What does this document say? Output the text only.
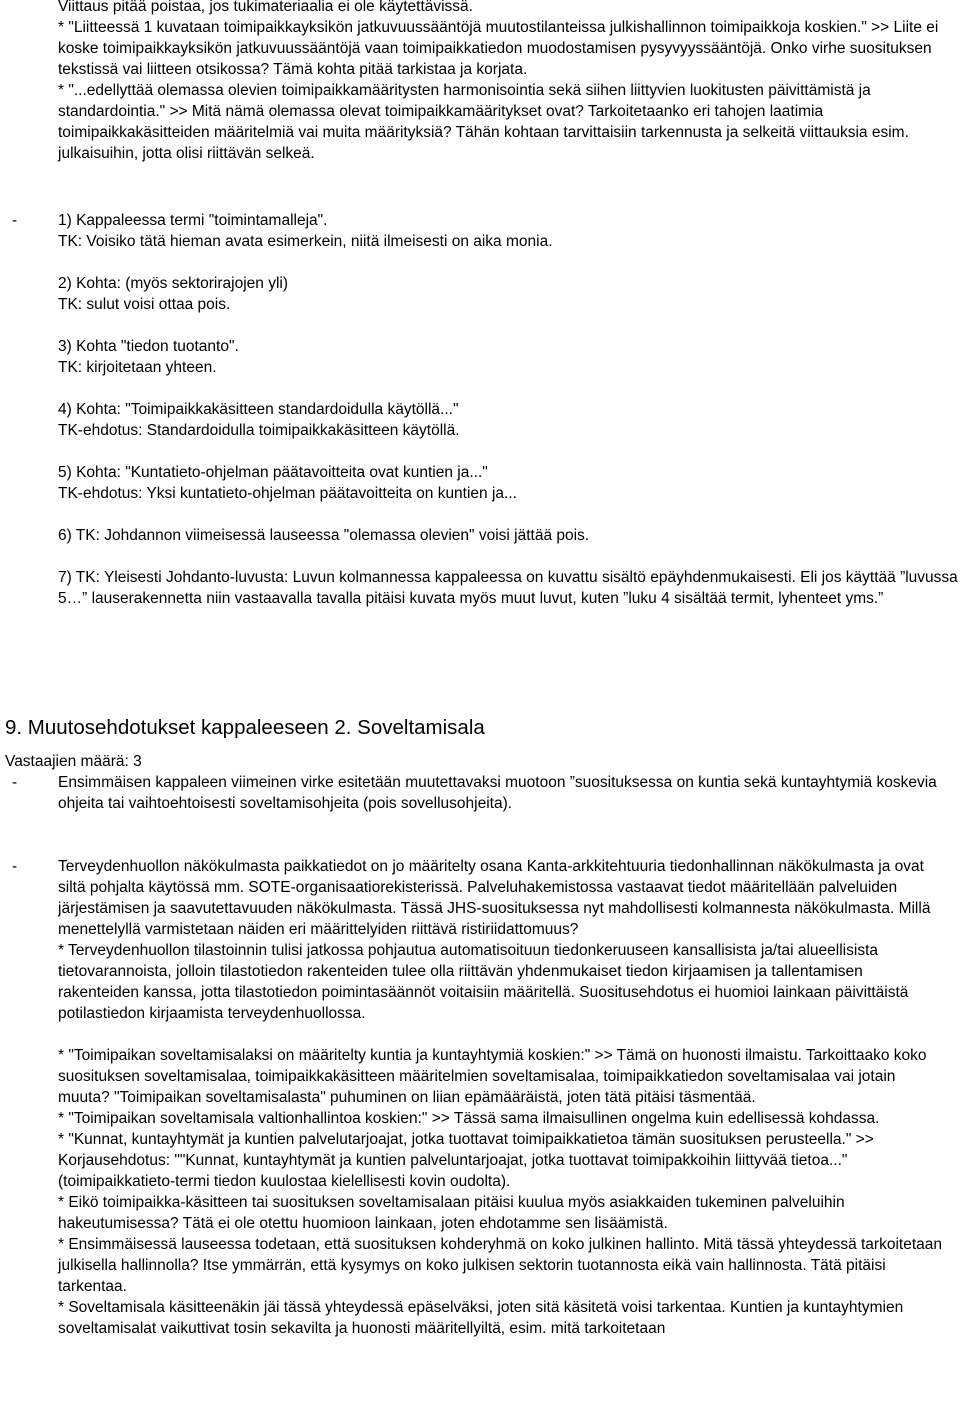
Viittaus pitää poistaa, jos tukimateriaalia ei ole käytettävissä.

* "Liitteessä 1 kuvataan toimipaikkayksikön jatkuvuussääntöjä muutostilanteissa julkishallinnon toimipaikkoja koskien." >> Liite ei koske toimipaikkayksikön jatkuvuussääntöjä vaan toimipaikkatiedon muodostamisen pysyvyyssääntöjä. Onko virhe suosituksen tekstissä vai liitteen otsikossa? Tämä kohta pitää tarkistaa ja korjata.

* "...edellyttää olemassa olevien toimipaikkamääritysten harmonisointia sekä siihen liittyvien luokitusten päivittämistä ja standardointia." >> Mitä nämä olemassa olevat toimipaikkamääritykset ovat? Tarkoitetaanko eri tahojen laatimia toimipaikkakäsitteiden määritelmiä vai muita määrityksiä? Tähän kohtaan tarvittaisiin tarkennusta ja selkeitä viittauksia esim. julkaisuihin, jotta olisi riittävän selkeä.

-	1) Kappaleessa termi "toimintamalleja".

TK: Voisiko tätä hieman avata esimerkein, niitä ilmeisesti on aika monia.

2) Kohta: (myös sektorirajojen yli)

TK: sulut voisi ottaa pois.

3) Kohta "tiedon tuotanto".

TK: kirjoitetaan yhteen.

4) Kohta: "Toimipaikkakäsitteen standardoidulla käytöllä..."

TK-ehdotus: Standardoidulla toimipaikkakäsitteen käytöllä.

5) Kohta: "Kuntatieto-ohjelman päätavoitteita ovat kuntien ja..."

TK-ehdotus: Yksi kuntatieto-ohjelman päätavoitteita on kuntien ja...

6) TK: Johdannon viimeisessä lauseessa "olemassa olevien" voisi jättää pois.

7) TK: Yleisesti Johdanto-luvusta: Luvun kolmannessa kappaleessa on kuvattu sisältö epäyhdenmukaisesti. Eli jos käyttää ”luvussa 5…” lauserakennetta niin vastaavalla tavalla pitäisi kuvata myös muut luvut, kuten ”luku 4 sisältää termit, lyhenteet yms.”

9. Muutosehdotukset kappaleeseen 2. Soveltamisala
Vastaajien määrä: 3
-	Ensimmäisen kappaleen viimeinen virke esitetään muutettavaksi muotoon ”suosituksessa on kuntia sekä kuntayhtymiä koskevia ohjeita tai vaihtoehtoisesti soveltamisohjeita (pois sovellusohjeita).

-	Terveydenhuollon näkökulmasta paikkatiedot on jo määritelty osana Kanta-arkkitehtuuria tiedonhallinnan näkökulmasta ja ovat siltä pohjalta käytössä mm. SOTE-organisaatiorekisterissä. Palveluhakemistossa vastaavat tiedot määritellään palveluiden järjestämisen ja saavutettavuuden näkökulmasta. Tässä JHS-suosituksessa nyt mahdollisesti kolmannesta näkökulmasta. Millä menettelyllä varmistetaan näiden eri määrittelyiden riittävä ristiriidattomuus?

* Terveydenhuollon tilastoinnin tulisi jatkossa pohjautua automatisoituun tiedonkeruuseen kansallisista ja/tai alueellisista tietovarannoista, jolloin tilastotiedon rakenteiden tulee olla riittävän yhdenmukaiset tiedon kirjaamisen ja tallentamisen rakenteiden kanssa, jotta tilastotiedon poimintasäännöt voitaisiin määritellä. Suositusehdotus ei huomioi lainkaan päivittäistä potilastiedon kirjaamista terveydenhuollossa.

* "Toimipaikan soveltamisalaksi on määritelty kuntia ja kuntayhtymiä koskien:" >> Tämä on huonosti ilmaistu. Tarkoittaako koko suosituksen soveltamisalaa, toimipaikkakäsitteen määritelmien soveltamisalaa, toimipaikkatiedon soveltamisalaa vai jotain muuta? "Toimipaikan soveltamisalasta" puhuminen on liian epämääräistä, joten tätä pitäisi täsmentää.

* "Toimipaikan soveltamisala valtionhallintoa koskien:" >> Tässä sama ilmaisullinen ongelma kuin edellisessä kohdassa.

* "Kunnat, kuntayhtymät ja kuntien palvelutarjoajat, jotka tuottavat toimipaikkatietoa tämän suosituksen perusteella." >> Korjausehdotus: ""Kunnat, kuntayhtymät ja kuntien palveluntarjoajat, jotka tuottavat toimipakkoihin liittyvää tietoa..." (toimipaikkatieto-termi tiedon kuulostaa kielellisesti kovin oudolta).

* Eikö toimipaikka-käsitteen tai suosituksen soveltamisalaan pitäisi kuulua myös asiakkaiden tukeminen palveluihin hakeutumisessa? Tätä ei ole otettu huomioon lainkaan, joten ehdotamme sen lisäämistä.

* Ensimmäisessä lauseessa todetaan, että suosituksen kohderyhmä on koko julkinen hallinto. Mitä tässä yhteydessä tarkoitetaan julkisella hallinnolla? Itse ymmärrän, että kysymys on koko julkisen sektorin tuotannosta eikä vain hallinnosta. Tätä pitäisi tarkentaa.

* Soveltamisala käsitteenäkin jäi tässä yhteydessä epäselväksi, joten sitä käsitetä voisi tarkentaa. Kuntien ja kuntayhtymien soveltamisalat vaikuttivat tosin sekavilta ja huonosti määritellyiltä, esim. mitä tarkoitetaan
